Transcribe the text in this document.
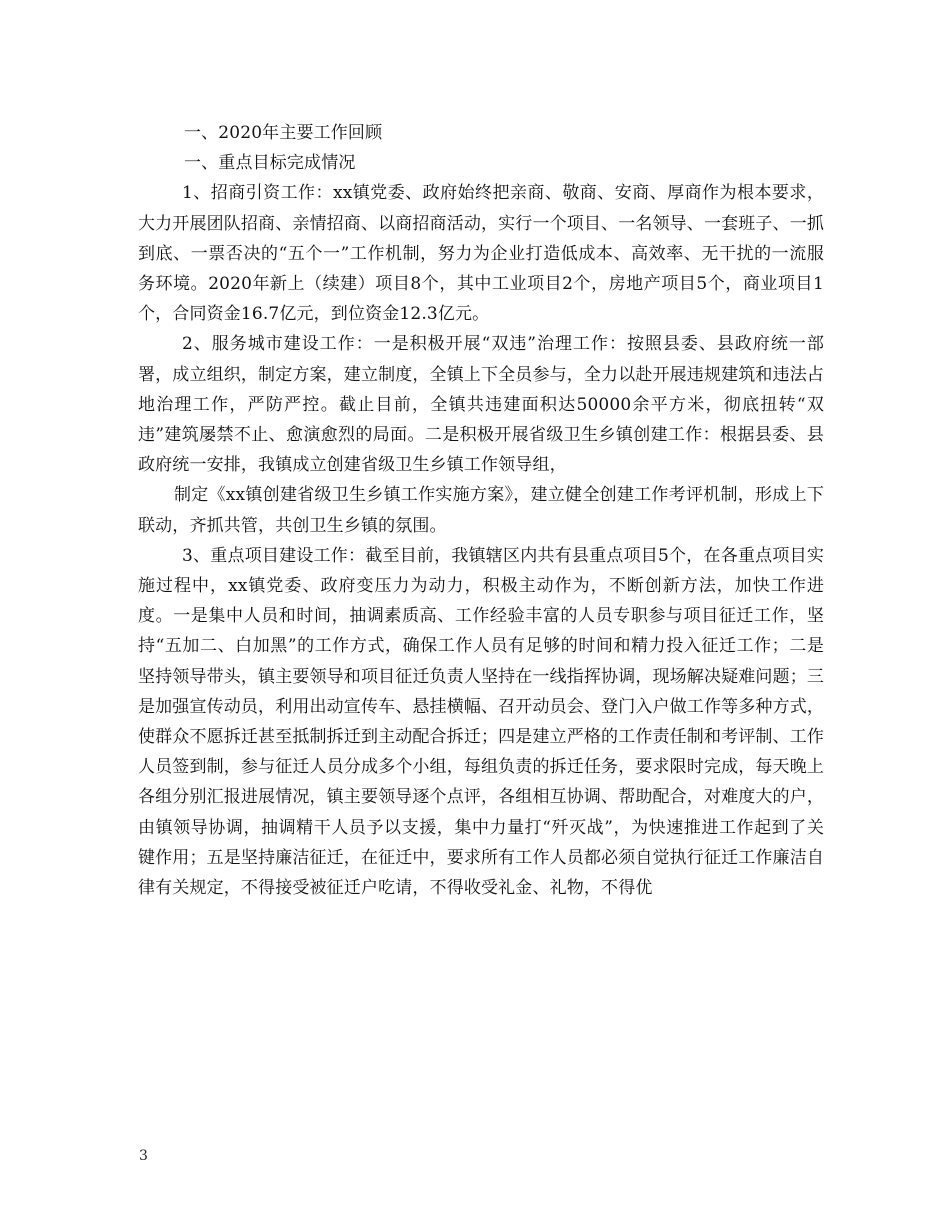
一、2020年主要工作回顾

一、重点目标完成情况

1、招商引资工作：xx镇党委、政府始终把亲商、敬商、安商、厚商作为根本要求，大力开展团队招商、亲情招商、以商招商活动，实行一个项目、一名领导、一套班子、一抓到底、一票否决的“五个一”工作机制，努力为企业打造低成本、高效率、无干扰的一流服务环境。2020年新上（续建）项目8个，其中工业项目2个，房地产项目5个，商业项目1个，合同资金16.7亿元，到位资金12.3亿元。

2、服务城市建设工作：一是积极开展“双违”治理工作：按照县委、县政府统一部署，成立组织，制定方案，建立制度，全镇上下全员参与，全力以赴开展违规建筑和违法占地治理工作，严防严控。截止目前，全镇共违建面积达50000余平方米，彻底扭转“双违”建筑屡禁不止、愈演愈烈的局面。二是积极开展省级卫生乡镇创建工作：根据县委、县政府统一安排，我镇成立创建省级卫生乡镇工作领导组，

制定《xx镇创建省级卫生乡镇工作实施方案》，建立健全创建工作考评机制，形成上下联动，齐抓共管，共创卫生乡镇的氛围。

3、重点项目建设工作：截至目前，我镇辖区内共有县重点项目5个，在各重点项目实施过程中，xx镇党委、政府变压力为动力，积极主动作为，不断创新方法，加快工作进度。一是集中人员和时间，抽调素质高、工作经验丰富的人员专职参与项目征迁工作，坚持“五加二、白加黑”的工作方式，确保工作人员有足够的时间和精力投入征迁工作；二是坚持领导带头，镇主要领导和项目征迁负责人坚持在一线指挥协调，现场解决疑难问题；三是加强宣传动员，利用出动宣传车、悬挂横幅、召开动员会、登门入户做工作等多种方式，使群众不愿拆迁甚至抵制拆迁到主动配合拆迁；四是建立严格的工作责任制和考评制、工作人员签到制，参与征迁人员分成多个小组，每组负责的拆迁任务，要求限时完成，每天晚上各组分别汇报进展情况，镇主要领导逐个点评，各组相互协调、帮助配合，对难度大的户，由镇领导协调，抽调精干人员予以支援，集中力量打“歼灭战”，为快速推进工作起到了关键作用；五是坚持廉洁征迁，在征迁中，要求所有工作人员都必须自觉执行征迁工作廉洁自律有关规定，不得接受被征迁户吃请，不得收受礼金、礼物，不得优

3
